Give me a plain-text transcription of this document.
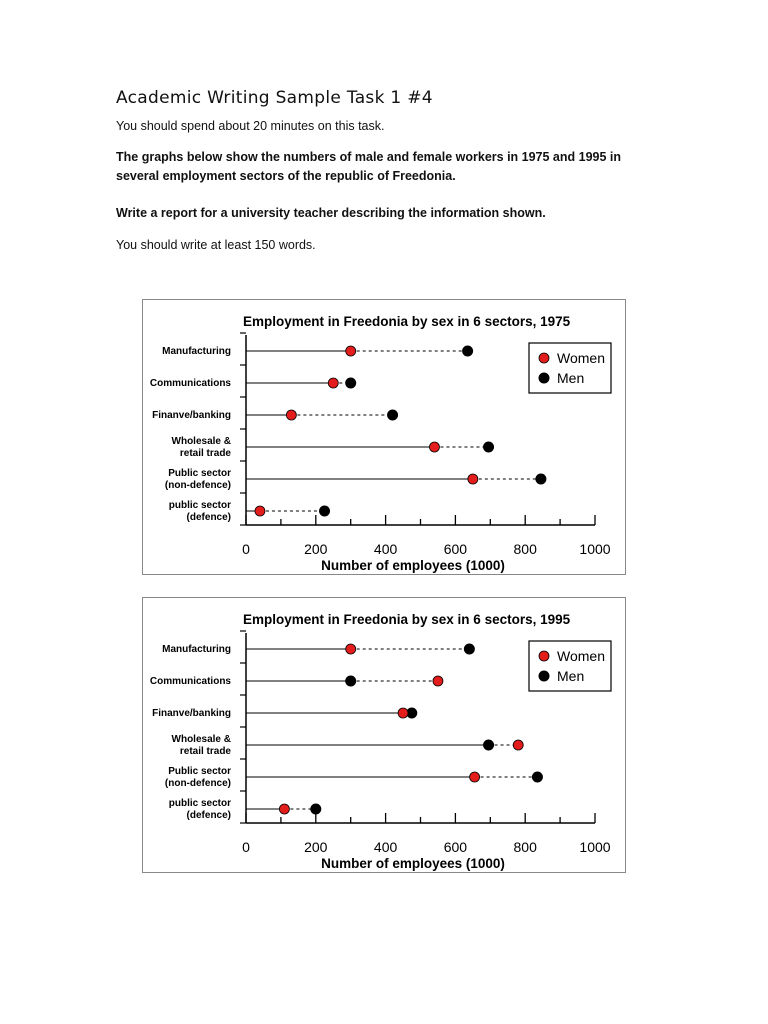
Academic Writing Sample Task 1 #4
You should spend about 20 minutes on this task.
The graphs below show the numbers of male and female workers in 1975 and 1995 in several employment sectors of the republic of Freedonia.
Write a report for a university teacher describing the information shown.
You should write at least 150 words.
Employment in Freedonia by sex in 6 sectors, 1975
0	200	400	600	800	1000
Number of employees (1000)
Manufacturing
Communications
Finanve/banking
Wholesale & retail trade
Public sector (non-defence)
public sector (defence)
Women
Men
Employment in Freedonia by sex in 6 sectors, 1995
0	200	400	600	800	1000
Number of employees (1000)
Manufacturing
Communications
Finanve/banking
Wholesale & retail trade
Public sector (non-defence)
public sector (defence)
Women
Men
